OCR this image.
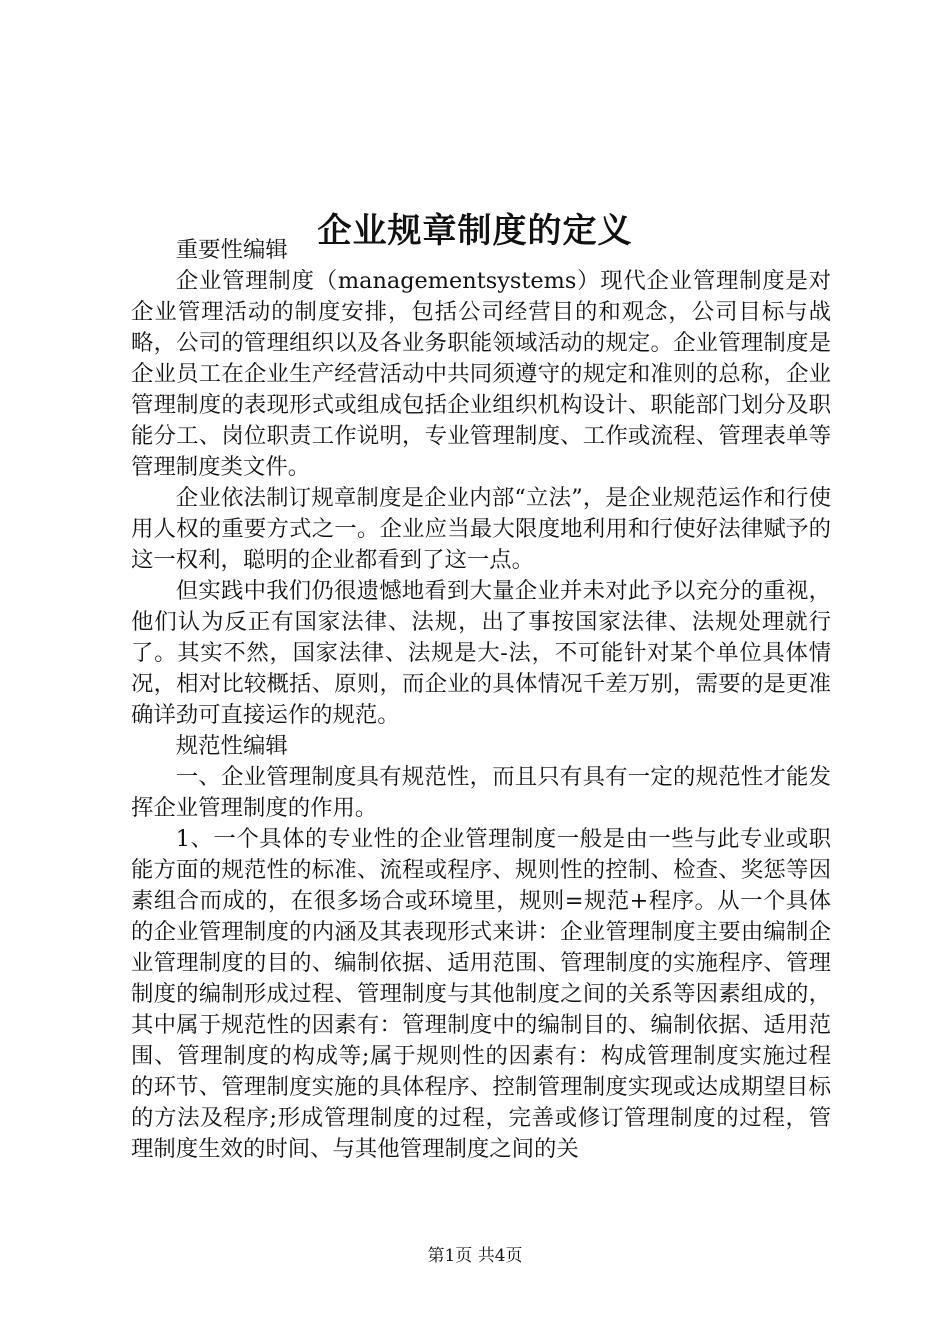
企业规章制度的定义

重要性编辑

企业管理制度（managementsystems）现代企业管理制度是对企业管理活动的制度安排，包括公司经营目的和观念，公司目标与战略，公司的管理组织以及各业务职能领域活动的规定。企业管理制度是企业员工在企业生产经营活动中共同须遵守的规定和准则的总称，企业管理制度的表现形式或组成包括企业组织机构设计、职能部门划分及职能分工、岗位职责工作说明，专业管理制度、工作或流程、管理表单等管理制度类文件。

企业依法制订规章制度是企业内部“立法”，是企业规范运作和行使用人权的重要方式之一。企业应当最大限度地利用和行使好法律赋予的这一权利，聪明的企业都看到了这一点。

但实践中我们仍很遗憾地看到大量企业并未对此予以充分的重视，他们认为反正有国家法律、法规，出了事按国家法律、法规处理就行了。其实不然，国家法律、法规是大-法，不可能针对某个单位具体情况，相对比较概括、原则，而企业的具体情况千差万别，需要的是更准确详劲可直接运作的规范。

规范性编辑

一、企业管理制度具有规范性，而且只有具有一定的规范性才能发挥企业管理制度的作用。

1、一个具体的专业性的企业管理制度一般是由一些与此专业或职能方面的规范性的标准、流程或程序、规则性的控制、检查、奖惩等因素组合而成的，在很多场合或环境里，规则=规范+程序。从一个具体的企业管理制度的内涵及其表现形式来讲：企业管理制度主要由编制企业管理制度的目的、编制依据、适用范围、管理制度的实施程序、管理制度的编制形成过程、管理制度与其他制度之间的关系等因素组成的，其中属于规范性的因素有：管理制度中的编制目的、编制依据、适用范围、管理制度的构成等;属于规则性的因素有：构成管理制度实施过程的环节、管理制度实施的具体程序、控制管理制度实现或达成期望目标的方法及程序;形成管理制度的过程，完善或修订管理制度的过程，管理制度生效的时间、与其他管理制度之间的关

第1页 共4页
